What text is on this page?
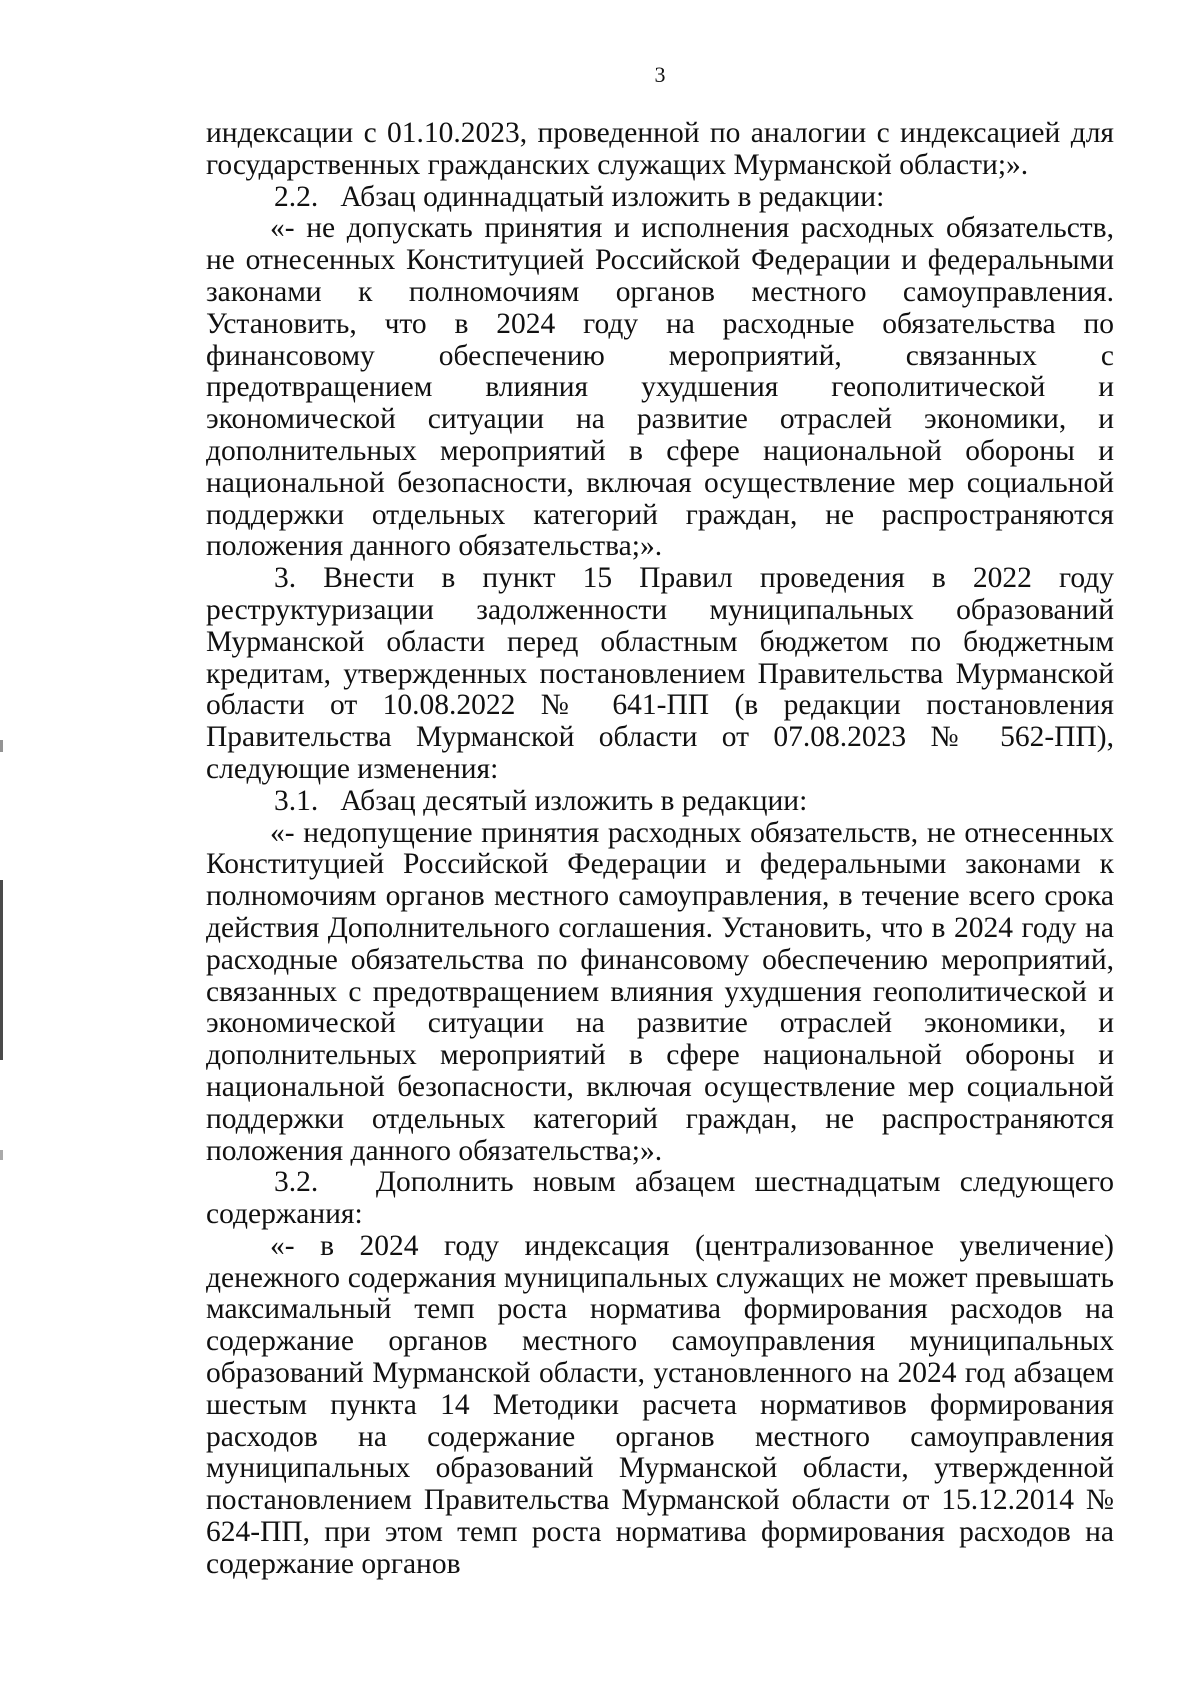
3

индексации с 01.10.2023, проведенной по аналогии с индексацией для государственных гражданских служащих Мурманской области;».

2.2.   Абзац одиннадцатый изложить в редакции:

«- не допускать принятия и исполнения расходных обязательств, не отнесенных Конституцией Российской Федерации и федеральными законами к полномочиям органов местного самоуправления. Установить, что в 2024 году на расходные обязательства по финансовому обеспечению мероприятий, связанных с предотвращением влияния ухудшения геополитической и экономической ситуации на развитие отраслей экономики, и дополнительных мероприятий в сфере национальной обороны и национальной безопасности, включая осуществление мер социальной поддержки отдельных категорий граждан, не распространяются положения данного обязательства;».

3. Внести в пункт 15 Правил проведения в 2022 году реструктуризации задолженности муниципальных образований Мурманской области перед областным бюджетом по бюджетным кредитам, утвержденных постановлением Правительства Мурманской области от 10.08.2022 № 641-ПП (в редакции постановления Правительства Мурманской области от 07.08.2023 № 562-ПП), следующие изменения:

3.1.   Абзац десятый изложить в редакции:

«- недопущение принятия расходных обязательств, не отнесенных Конституцией Российской Федерации и федеральными законами к полномочиям органов местного самоуправления, в течение всего срока действия Дополнительного соглашения. Установить, что в 2024 году на расходные обязательства по финансовому обеспечению мероприятий, связанных с предотвращением влияния ухудшения геополитической и экономической ситуации на развитие отраслей экономики, и дополнительных мероприятий в сфере национальной обороны и национальной безопасности, включая осуществление мер социальной поддержки отдельных категорий граждан, не распространяются положения данного обязательства;».

3.2.   Дополнить новым абзацем шестнадцатым следующего содержания:

«- в 2024 году индексация (централизованное увеличение) денежного содержания муниципальных служащих не может превышать максимальный темп роста норматива формирования расходов на содержание органов местного самоуправления муниципальных образований Мурманской области, установленного на 2024 год абзацем шестым пункта 14 Методики расчета нормативов формирования расходов на содержание органов местного самоуправления муниципальных образований Мурманской области, утвержденной постановлением Правительства Мурманской области от 15.12.2014 № 624-ПП, при этом темп роста норматива формирования расходов на содержание органов
